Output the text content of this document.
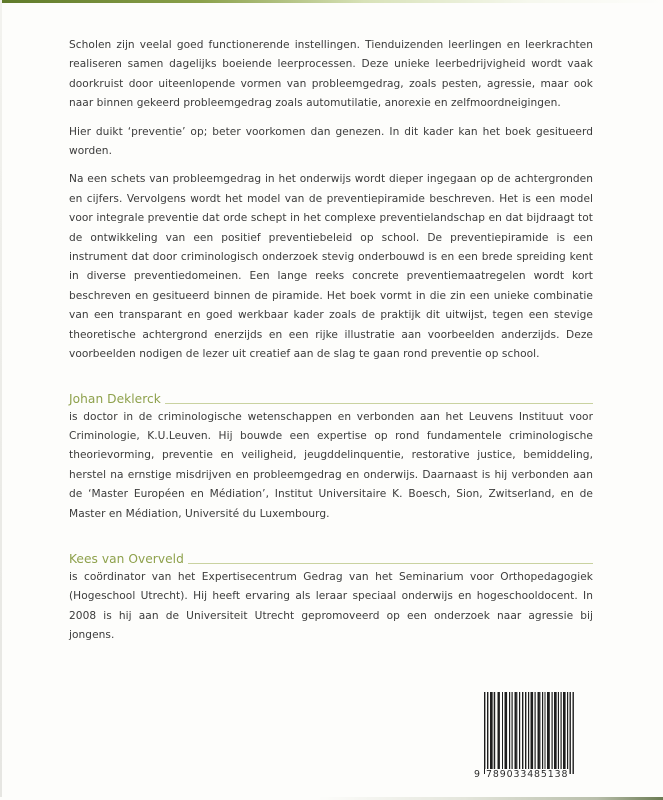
Scholen zijn veelal goed functionerende instellingen. Tienduizenden leerlingen en leerkrachten realiseren samen dagelijks boeiende leerprocessen. Deze unieke leerbedrijvigheid wordt vaak doorkruist door uiteenlopende vormen van probleemgedrag, zoals pesten, agressie, maar ook naar binnen gekeerd probleemgedrag zoals automutilatie, anorexie en zelfmoordneigingen.

Hier duikt ‘preventie’ op; beter voorkomen dan genezen. In dit kader kan het boek gesitueerd worden.

Na een schets van probleemgedrag in het onderwijs wordt dieper ingegaan op de achtergronden en cijfers. Vervolgens wordt het model van de preventiepiramide beschreven. Het is een model voor integrale preventie dat orde schept in het complexe preventielandschap en dat bijdraagt tot de ontwikkeling van een positief preventiebeleid op school. De preventiepiramide is een instrument dat door criminologisch onderzoek stevig onderbouwd is en een brede spreiding kent in diverse preventiedomeinen. Een lange reeks concrete preventiemaatregelen wordt kort beschreven en gesitueerd binnen de piramide. Het boek vormt in die zin een unieke combinatie van een transparant en goed werkbaar kader zoals de praktijk dit uitwijst, tegen een stevige theoretische achtergrond enerzijds en een rijke illustratie aan voorbeelden anderzijds. Deze voorbeelden nodigen de lezer uit creatief aan de slag te gaan rond preventie op school.

Johan Deklerck

is doctor in de criminologische wetenschappen en verbonden aan het Leuvens Instituut voor Criminologie, K.U.Leuven. Hij bouwde een expertise op rond fundamentele criminologische theorievorming, preventie en veiligheid, jeugddelinquentie, restorative justice, bemiddeling, herstel na ernstige misdrijven en probleemgedrag en onderwijs. Daarnaast is hij verbonden aan de ‘Master Européen en Médiation’, Institut Universitaire K. Boesch, Sion, Zwitserland, en de Master en Médiation, Université du Luxembourg.

Kees van Overveld

is coördinator van het Expertisecentrum Gedrag van het Seminarium voor Orthopedagogiek (Hogeschool Utrecht). Hij heeft ervaring als leraar speciaal onderwijs en hogeschooldocent. In 2008 is hij aan de Universiteit Utrecht gepromoveerd op een onderzoek naar agressie bij jongens.

9 789033485138
